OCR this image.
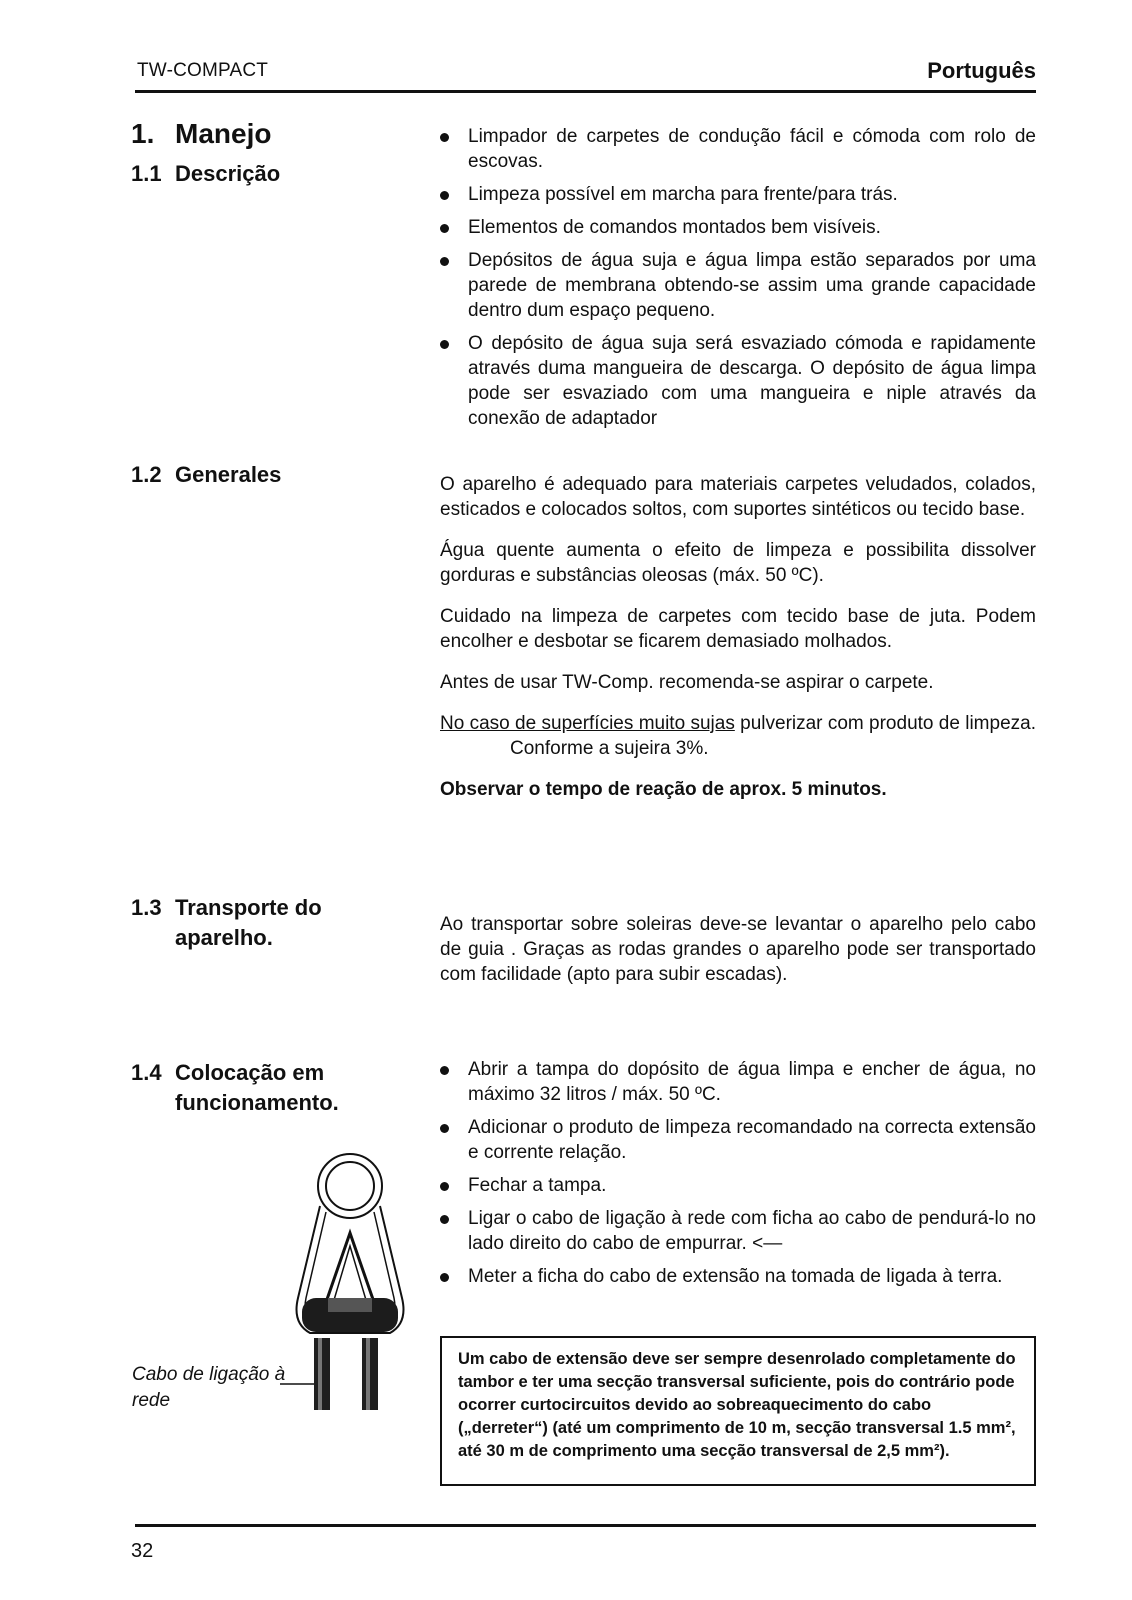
TW-COMPACT	Português
1. Manejo
1.1 Descrição
Limpador de carpetes de condução fácil e cómoda com rolo de escovas.
Limpeza possível em marcha para frente/para trás.
Elementos de comandos montados bem visíveis.
Depósitos de água suja e água limpa estão separados por uma parede de membrana obtendo-se assim uma grande capacidade dentro dum espaço pequeno.
O depósito de água suja será esvaziado cómoda e rapidamente através duma mangueira de descarga. O depósito de água limpa pode ser esvaziado com uma mangueira e niple através da conexão de adaptador
1.2 Generales	O aparelho é adequado para materiais carpetes veludados, colados, esticados e colocados soltos, com suportes sintéticos ou tecido base.

Água quente aumenta o efeito de limpeza e possibilita dissolver gorduras e substâncias oleosas (máx. 50 ºC).

Cuidado na limpeza de carpetes com tecido base de juta. Podem encolher e desbotar se ficarem demasiado molhados.

Antes de usar TW-Comp. recomenda-se aspirar o carpete.

No caso de superfícies muito sujas pulverizar com produto de limpeza.Conforme a sujeira 3%.

Observar o tempo de reação de aprox. 5 minutos.

1.3 Transporte do
aparelho.

Ao transportar sobre soleiras deve-se levantar o aparelho pelo cabo de guia . Graças as rodas grandes o aparelho pode ser transportado com facilidade (apto para subir escadas).

1.4 Colocação em
funcionamento.
Abrir a tampa do dopósito de água limpa e encher de água, no máximo 32 litros / máx. 50 ºC.
Adicionar o produto de limpeza recomandado na correcta extensão e corrente relação.
Fechar a tampa.
Ligar o cabo de ligação à rede com ficha ao cabo de pendurá-lo no lado direito do cabo de empurrar. <—
Meter a ficha do cabo de extensão na tomada de ligada à terra.
Cabo de ligação à
rede
Um cabo de extensão deve ser sempre desenrolado completamente do tambor e ter uma secção transversal suficiente, pois do contrário pode ocorrer curtocircuitos devido ao sobreaquecimento do cabo („derreter“) (até um comprimento de 10 m, secção transversal 1.5 mm², até 30 m de comprimento uma secção transversal de 2,5 mm²).
32
